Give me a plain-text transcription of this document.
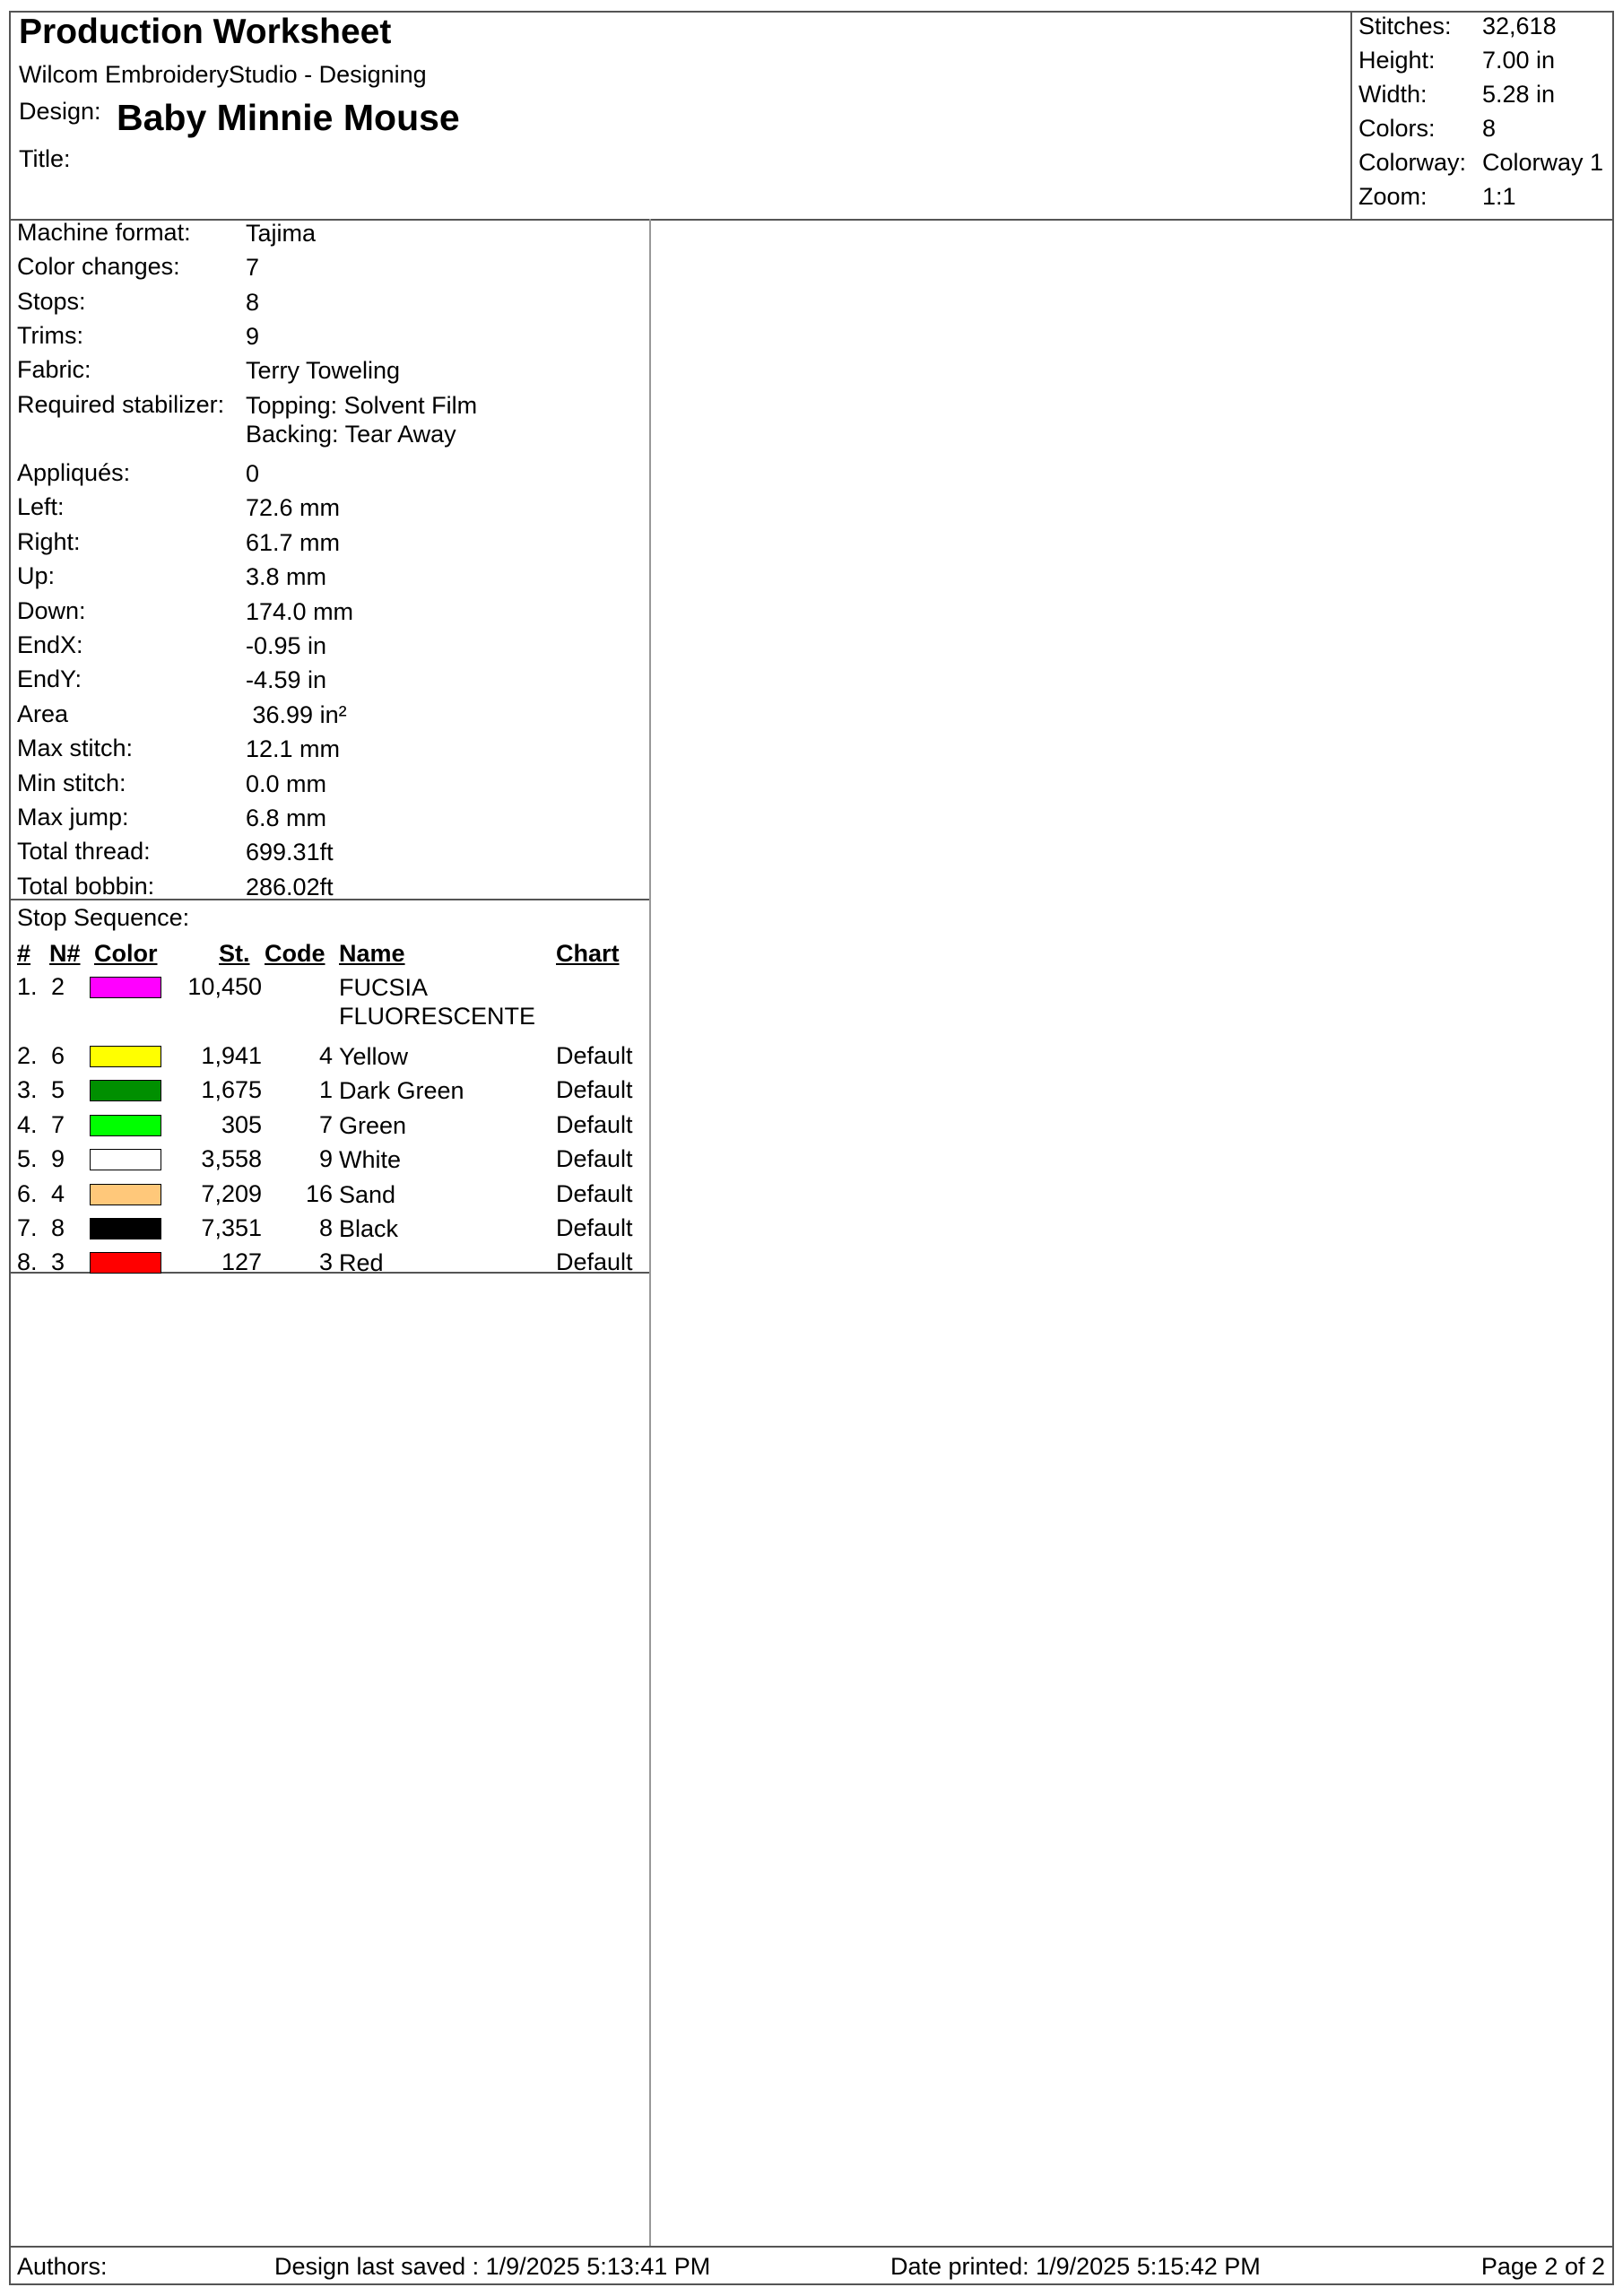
Production Worksheet
Wilcom EmbroideryStudio - Designing
Design: Baby Minnie Mouse
Title:
Stitches: 32,618
Height: 7.00 in
Width: 5.28 in
Colors: 8
Colorway: Colorway 1
Zoom: 1:1
Machine format: Tajima
Color changes:	7
Stops:	8
Trims:	9
Fabric:	Terry Toweling
Required stabilizer: Topping: Solvent Film
Backing: Tear Away
Appliqués:	0
Left:	72.6 mm
Right:	61.7 mm
Up:	3.8 mm
Down:	174.0 mm
EndX:	-0.95 in
EndY:	-4.59 in
Area	36.99 in²
Max stitch:	12.1 mm
Min stitch:	0.0 mm
Max jump:	6.8 mm
Total thread:	699.31ft
Total bobbin:	286.02ft
Stop Sequence:
# N# Color	St. Code Name	Chart
1. 2	10,450	FUCSIA
FLUORESCENTE
2. 6	1,941 4 Yellow	Default
3. 5	1,675 1 Dark Green	Default
4. 7	305 7 Green	Default
5. 9	3,558 9 White	Default
6. 4	7,209 16 Sand	Default
7. 8	7,351 8 Black	Default
8. 3	127 3 Red	Default
Authors:	Design last saved : 1/9/2025 5:13:41 PM	Date printed: 1/9/2025 5:15:42 PM	Page 2 of 2
